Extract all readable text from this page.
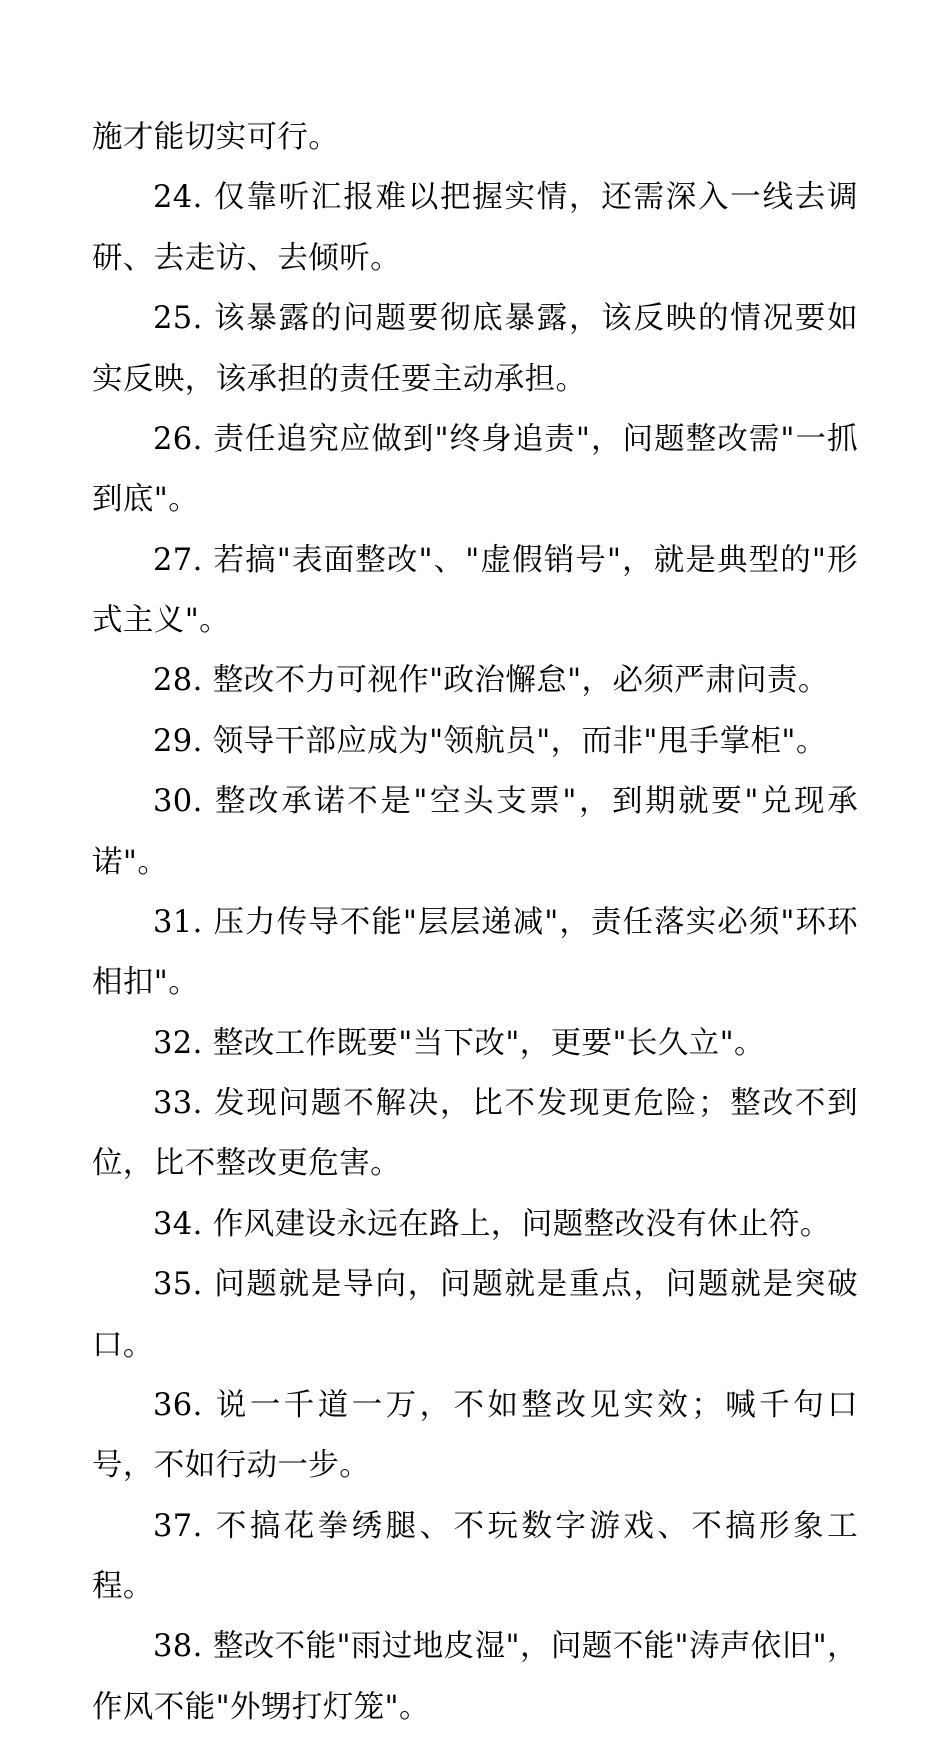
施才能切实可行。

24. 仅靠听汇报难以把握实情，还需深入一线去调研、去走访、去倾听。

25. 该暴露的问题要彻底暴露，该反映的情况要如实反映，该承担的责任要主动承担。

26. 责任追究应做到"终身追责"，问题整改需"一抓到底"。

27. 若搞"表面整改"、"虚假销号"，就是典型的"形式主义"。

28. 整改不力可视作"政治懈怠"，必须严肃问责。

29. 领导干部应成为"领航员"，而非"甩手掌柜"。

30. 整改承诺不是"空头支票"，到期就要"兑现承诺"。

31. 压力传导不能"层层递减"，责任落实必须"环环相扣"。

32. 整改工作既要"当下改"，更要"长久立"。

33. 发现问题不解决，比不发现更危险；整改不到位，比不整改更危害。

34. 作风建设永远在路上，问题整改没有休止符。

35. 问题就是导向，问题就是重点，问题就是突破口。

36. 说一千道一万，不如整改见实效；喊千句口号，不如行动一步。

37. 不搞花拳绣腿、不玩数字游戏、不搞形象工程。

38. 整改不能"雨过地皮湿"，问题不能"涛声依旧"，作风不能"外甥打灯笼"。
